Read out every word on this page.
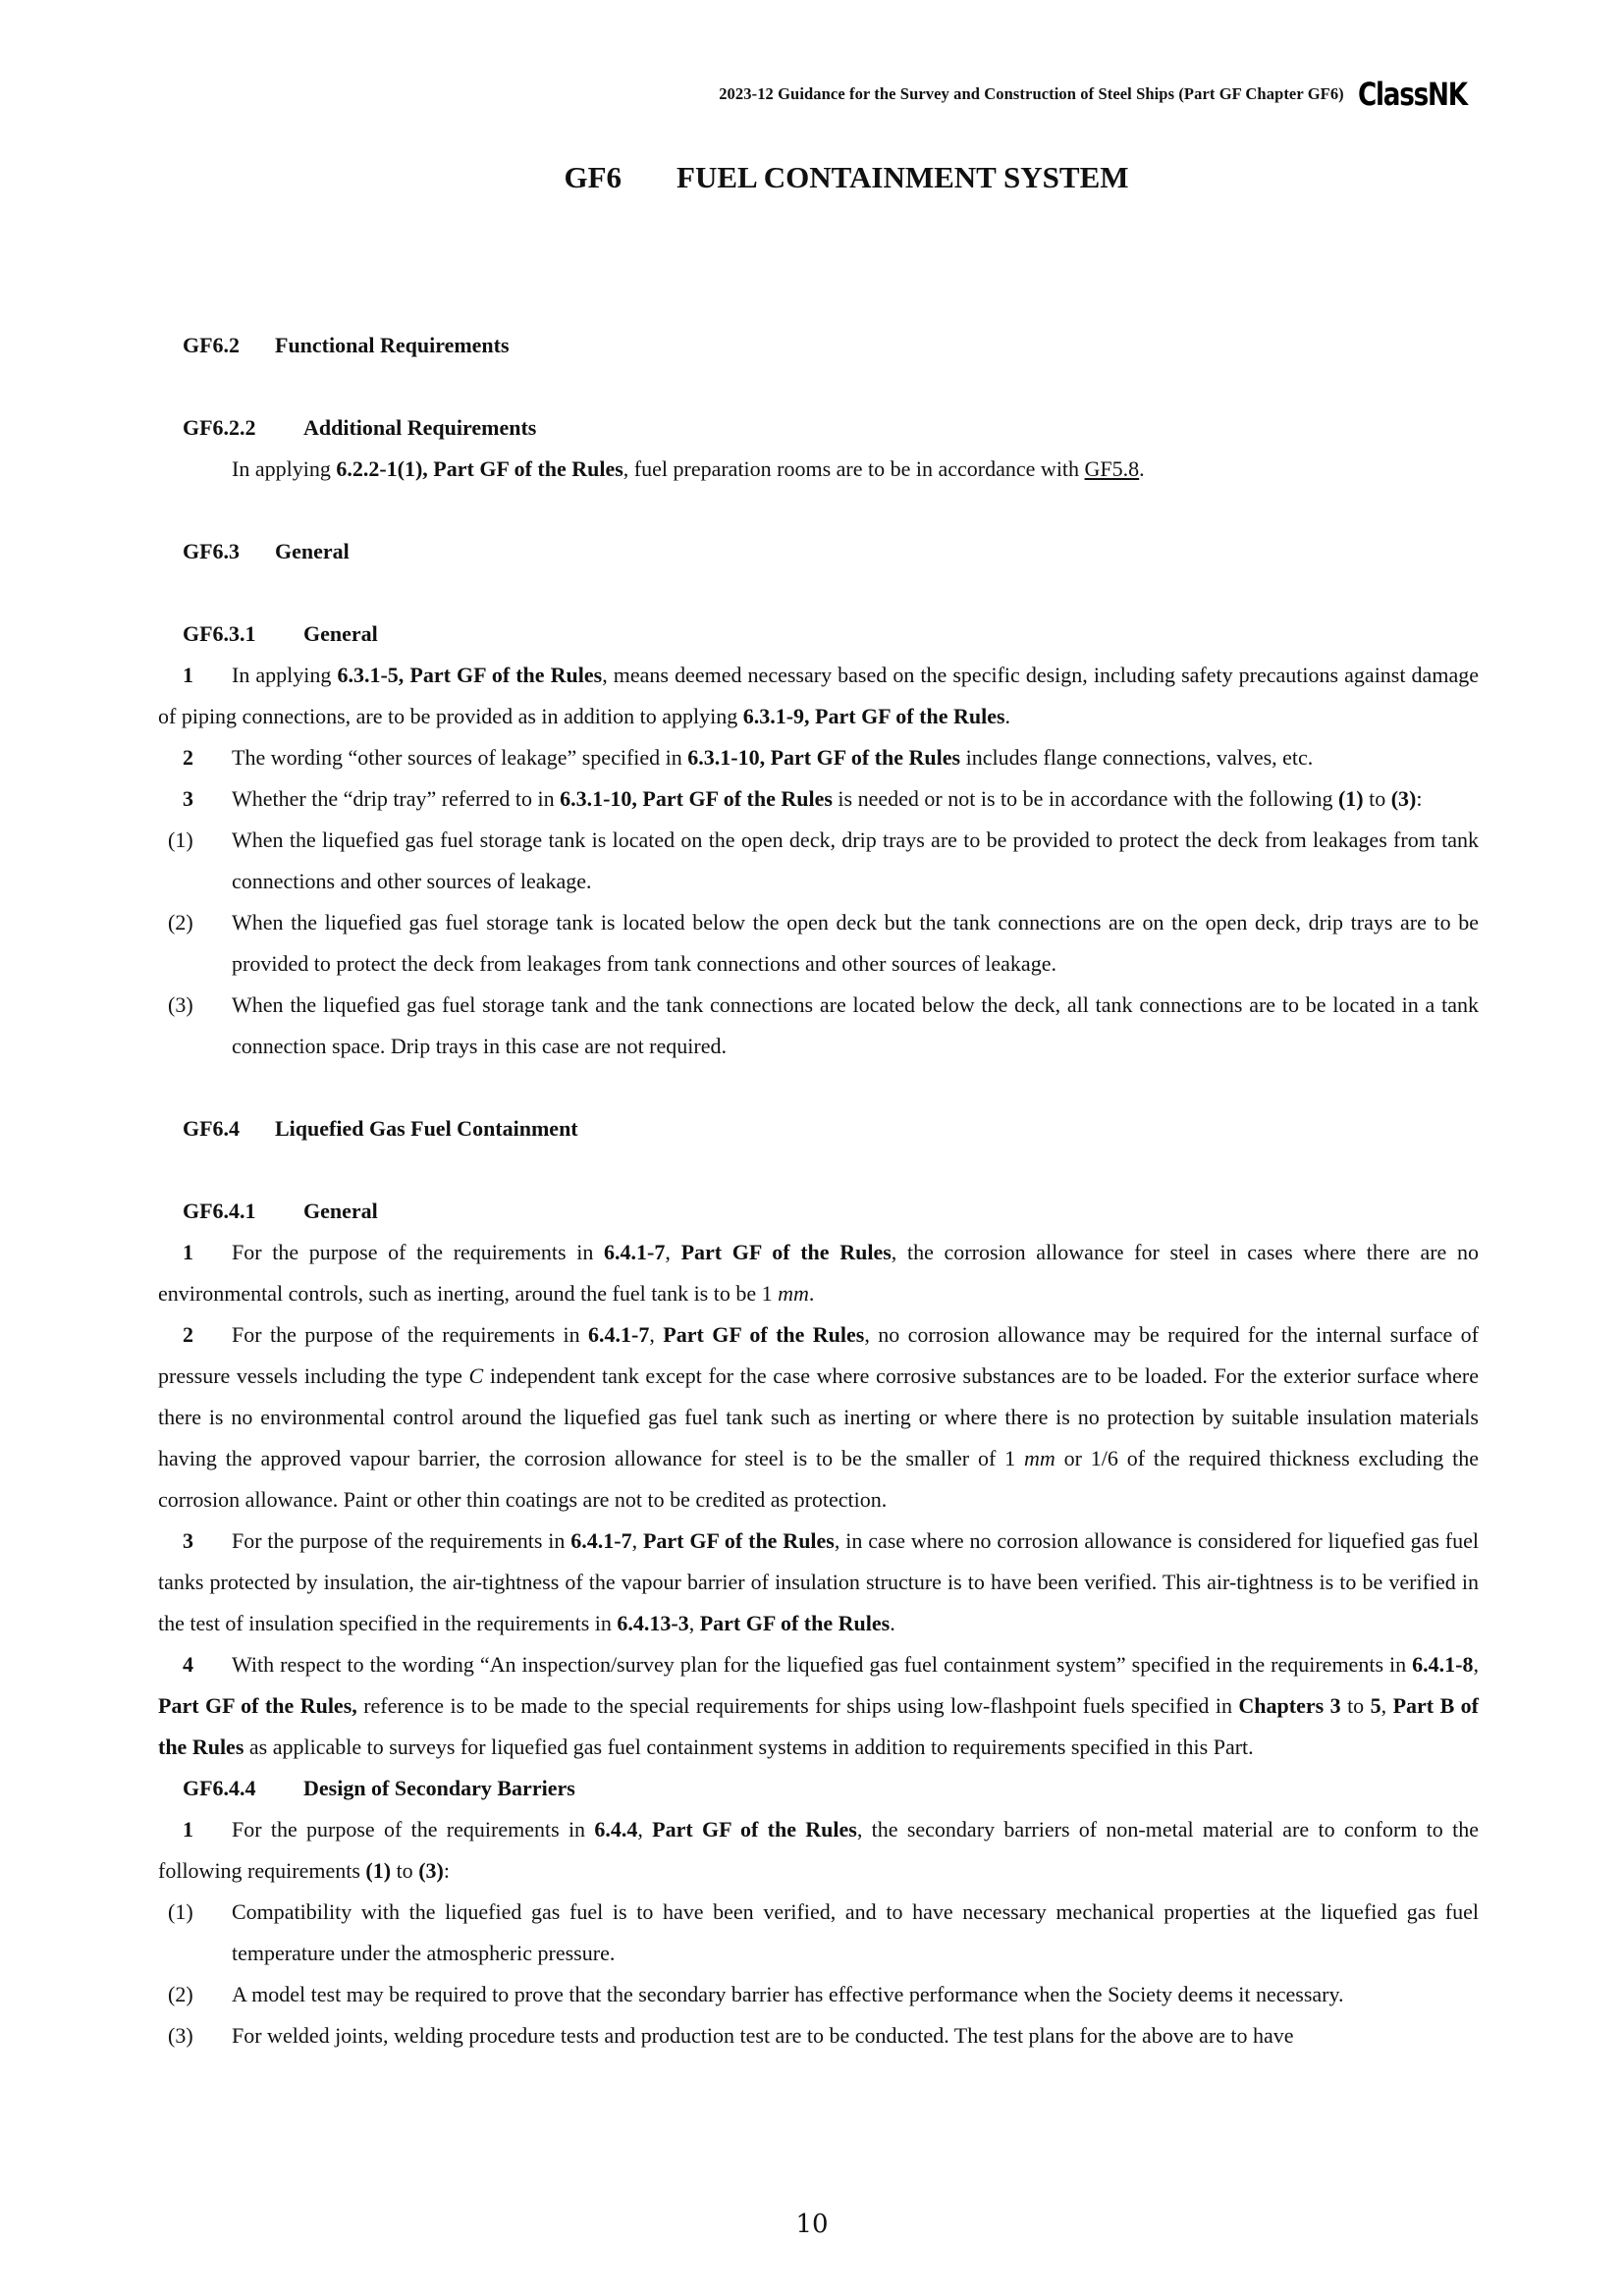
2023-12 Guidance for the Survey and Construction of Steel Ships (Part GF Chapter GF6) ClassNK
GF6 FUEL CONTAINMENT SYSTEM
GF6.2	Functional Requirements
GF6.2.2	Additional Requirements
In applying 6.2.2-1(1), Part GF of the Rules, fuel preparation rooms are to be in accordance with GF5.8.
GF6.3	General
GF6.3.1	General
1 In applying 6.3.1-5, Part GF of the Rules, means deemed necessary based on the specific design, including safety precautions against damage of piping connections, are to be provided as in addition to applying 6.3.1-9, Part GF of the Rules.
2 The wording “other sources of leakage” specified in 6.3.1-10, Part GF of the Rules includes flange connections, valves, etc.
3 Whether the “drip tray” referred to in 6.3.1-10, Part GF of the Rules is needed or not is to be in accordance with the following (1) to (3):
(1)	When the liquefied gas fuel storage tank is located on the open deck, drip trays are to be provided to protect the deck from leakages from tank connections and other sources of leakage.
(2)	When the liquefied gas fuel storage tank is located below the open deck but the tank connections are on the open deck, drip trays are to be provided to protect the deck from leakages from tank connections and other sources of leakage.
(3)	When the liquefied gas fuel storage tank and the tank connections are located below the deck, all tank connections are to be located in a tank connection space. Drip trays in this case are not required.
GF6.4	Liquefied Gas Fuel Containment
GF6.4.1	General
1 For the purpose of the requirements in 6.4.1-7, Part GF of the Rules, the corrosion allowance for steel in cases where there are no environmental controls, such as inerting, around the fuel tank is to be 1 mm.
2 For the purpose of the requirements in 6.4.1-7, Part GF of the Rules, no corrosion allowance may be required for the internal surface of pressure vessels including the type C independent tank except for the case where corrosive substances are to be loaded. For the exterior surface where there is no environmental control around the liquefied gas fuel tank such as inerting or where there is no protection by suitable insulation materials having the approved vapour barrier, the corrosion allowance for steel is to be the smaller of 1 mm or 1/6 of the required thickness excluding the corrosion allowance. Paint or other thin coatings are not to be credited as protection.
3 For the purpose of the requirements in 6.4.1-7, Part GF of the Rules, in case where no corrosion allowance is considered for liquefied gas fuel tanks protected by insulation, the air-tightness of the vapour barrier of insulation structure is to have been verified. This air-tightness is to be verified in the test of insulation specified in the requirements in 6.4.13-3, Part GF of the Rules.
4 With respect to the wording “An inspection/survey plan for the liquefied gas fuel containment system” specified in the requirements in 6.4.1-8, Part GF of the Rules, reference is to be made to the special requirements for ships using low-flashpoint fuels specified in Chapters 3 to 5, Part B of the Rules as applicable to surveys for liquefied gas fuel containment systems in addition to requirements specified in this Part.
GF6.4.4	Design of Secondary Barriers
1 For the purpose of the requirements in 6.4.4, Part GF of the Rules, the secondary barriers of non-metal material are to conform to the following requirements (1) to (3):
(1)	Compatibility with the liquefied gas fuel is to have been verified, and to have necessary mechanical properties at the liquefied gas fuel temperature under the atmospheric pressure.
(2)	A model test may be required to prove that the secondary barrier has effective performance when the Society deems it necessary.
(3)	For welded joints, welding procedure tests and production test are to be conducted. The test plans for the above are to have
10
